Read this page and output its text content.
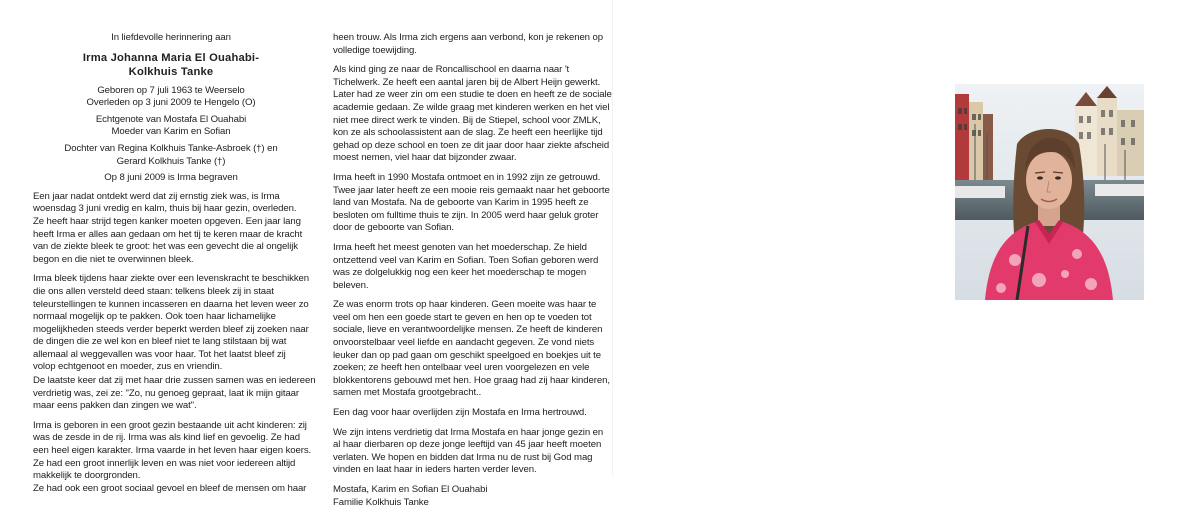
In liefdevolle herinnering aan
Irma Johanna Maria El Ouahabi-
Kolkhuis Tanke
Geboren op 7 juli 1963 te Weerselo
Overleden op 3 juni 2009 te Hengelo (O)
Echtgenote van Mostafa El Ouahabi
Moeder van Karim en Sofian
Dochter van Regina Kolkhuis Tanke-Asbroek (†) en
Gerard Kolkhuis Tanke (†)
Op 8 juni 2009 is Irma begraven
Een jaar nadat ontdekt werd dat zij ernstig ziek was, is Irma
woensdag 3 juni vredig en kalm, thuis bij haar gezin, overleden.
Ze heeft haar strijd tegen kanker moeten opgeven. Een jaar lang
heeft Irma er alles aan gedaan om het tij te keren maar de kracht
van de ziekte bleek te groot: het was een gevecht die al ongelijk
begon en die niet te overwinnen bleek.
Irma bleek tijdens haar ziekte over een levenskracht te beschikken
die ons allen versteld deed staan: telkens bleek zij in staat
teleurstellingen te kunnen incasseren en daarna het leven weer zo
normaal mogelijk op te pakken. Ook toen haar lichamelijke
mogelijkheden steeds verder beperkt werden bleef zij zoeken naar
de dingen die ze wel kon en bleef niet te lang stilstaan bij wat
allemaal al weggevallen was voor haar. Tot het laatst bleef zij
volop echtgenoot en moeder, zus en vriendin.
De laatste keer dat zij met haar drie zussen samen was en iedereen
verdrietig was, zei ze: "Zo, nu genoeg gepraat, laat ik mijn gitaar
maar eens pakken dan zingen we wat".
Irma is geboren in een groot gezin bestaande uit acht kinderen: zij
was de zesde in de rij. Irma was als kind lief en gevoelig. Ze had
een heel eigen karakter. Irma vaarde in het leven haar eigen koers.
Ze had een groot innerlijk leven en was niet voor iedereen altijd
makkelijk te doorgronden.
Ze had ook een groot sociaal gevoel en bleef de mensen om haar
heen trouw. Als Irma zich ergens aan verbond, kon je rekenen op
volledige toewijding.
Als kind ging ze naar de Roncallischool en daarna naar 't
Tichelwerk. Ze heeft een aantal jaren bij de Albert Heijn gewerkt.
Later had ze weer zin om een studie te doen en heeft ze de sociale
academie gedaan. Ze wilde graag met kinderen werken en het viel
niet mee direct werk te vinden. Bij de Stiepel, school voor ZMLK,
kon ze als schoolassistent aan de slag. Ze heeft een heerlijke tijd
gehad op deze school en toen ze dit jaar door haar ziekte afscheid
moest nemen, viel haar dat bijzonder zwaar.
Irma heeft in 1990 Mostafa ontmoet en in 1992 zijn ze getrouwd.
Twee jaar later heeft ze een mooie reis gemaakt naar het geboorte
land van Mostafa. Na de geboorte van Karim in 1995 heeft ze
besloten om fulltime thuis te zijn. In 2005 werd haar geluk groter
door de geboorte van Sofian.
Irma heeft het meest genoten van het moederschap. Ze hield
ontzettend veel van Karim en Sofian. Toen Sofian geboren werd
was ze dolgelukkig nog een keer het moederschap te mogen
beleven.
Ze was enorm trots op haar kinderen. Geen moeite was haar te
veel om hen een goede start te geven en hen op te voeden tot
sociale, lieve en verantwoordelijke mensen. Ze heeft de kinderen
onvoorstelbaar veel liefde en aandacht gegeven. Ze vond niets
leuker dan op pad gaan om geschikt speelgoed en boekjes uit te
zoeken; ze heeft hen ontelbaar veel uren voorgelezen en vele
blokkentorens gebouwd met hen. Hoe graag had zij haar kinderen,
samen met Mostafa grootgebracht..
Een dag voor haar overlijden zijn Mostafa en Irma hertrouwd.
We zijn intens verdrietig dat Irma Mostafa en haar jonge gezin en
al haar dierbaren op deze jonge leeftijd van 45 jaar heeft moeten
verlaten. We hopen en bidden dat Irma nu de rust bij God mag
vinden en laat haar in ieders harten verder leven.
Mostafa, Karim en Sofian El Ouahabi
Familie Kolkhuis Tanke
